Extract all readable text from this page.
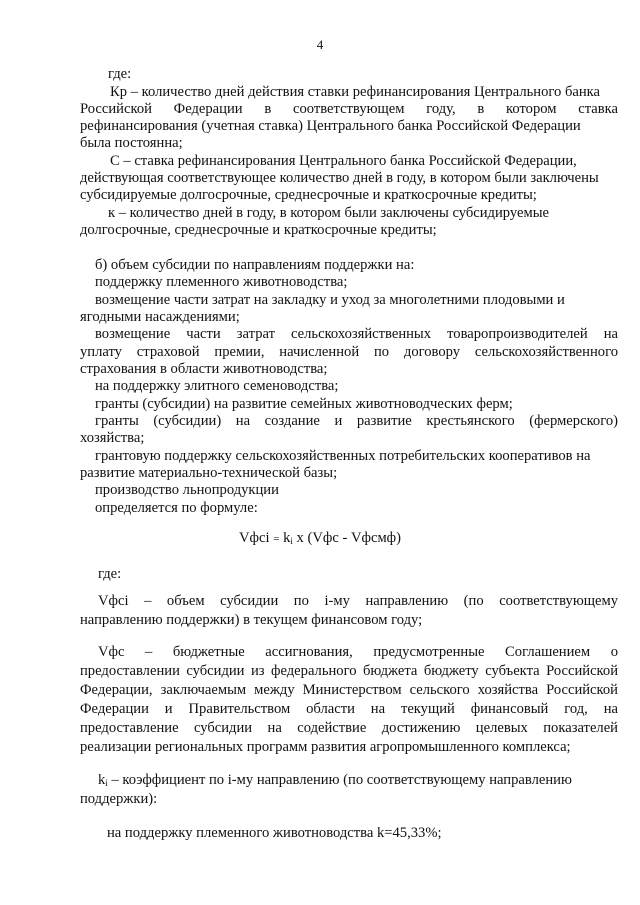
4
где:
Кр – количество дней действия ставки рефинансирования Центрального банка
Российской Федерации в соответствующем году, в котором ставка
рефинансирования (учетная ставка) Центрального банка Российской Федерации
была постоянна;
С – ставка рефинансирования Центрального банка Российской Федерации,
действующая соответствующее количество дней в году, в котором были заключены
субсидируемые долгосрочные, среднесрочные и краткосрочные кредиты;
к – количество дней в году, в котором были заключены субсидируемые
долгосрочные, среднесрочные и краткосрочные кредиты;
б) объем субсидии по направлениям поддержки на:
поддержку племенного животноводства;
возмещение части затрат на закладку и уход за многолетними плодовыми и
ягодными насаждениями;
возмещение части затрат сельскохозяйственных товаропроизводителей на
уплату страховой премии, начисленной по договору сельскохозяйственного
страхования в области животноводства;
на поддержку элитного семеноводства;
гранты (субсидии) на развитие семейных животноводческих ферм;
гранты (субсидии) на создание и развитие крестьянского (фермерского)
хозяйства;
грантовую поддержку сельскохозяйственных потребительских кооперативов на
развитие материально-технической базы;
производство льнопродукции
определяется по формуле:
Vфсi = $k_i$ x (Vфс - Vфсмф)
где:
Vфсi – объем субсидии по i-му направлению (по соответствующему
направлению поддержки) в текущем финансовом году;
Vфс – бюджетные ассигнования, предусмотренные Соглашением о
предоставлении субсидии из федерального бюджета бюджету субъекта Российской
Федерации, заключаемым между Министерством сельского хозяйства Российской
Федерации и Правительством области на текущий финансовый год, на
предоставление субсидии на содействие достижению целевых показателей
реализации региональных программ развития агропромышленного комплекса;
$k_i$ – коэффициент по i-му направлению (по соответствующему направлению
поддержки):
на поддержку племенного животноводства k=45,33%;
